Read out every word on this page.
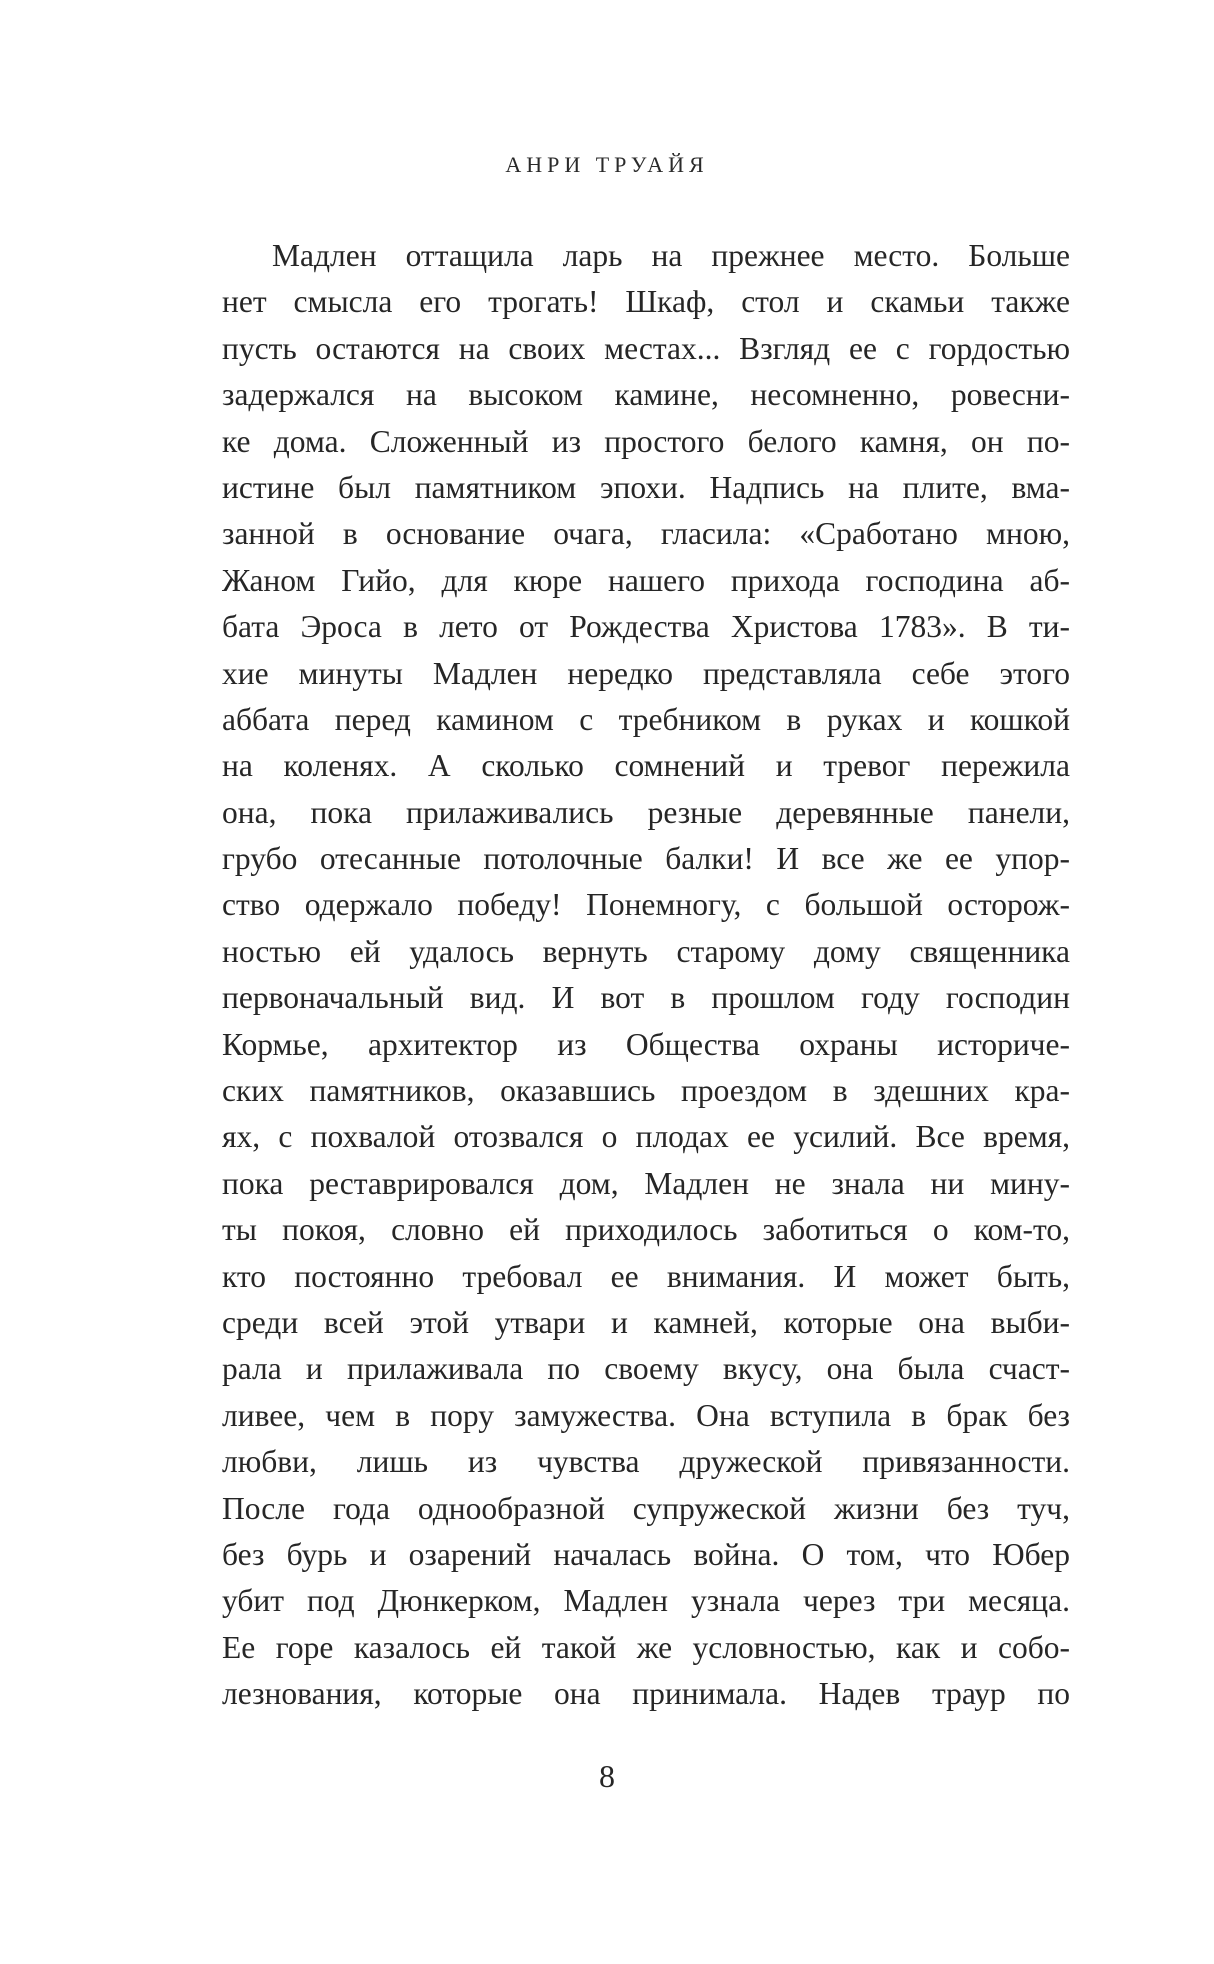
АНРИ ТРУАЙЯ
Мадлен оттащила ларь на прежнее место. Больше
нет смысла его трогать! Шкаф, стол и скамьи также
пусть остаются на своих местах... Взгляд ее с гордостью
задержался на высоком камине, несомненно, ровесни-
ке дома. Сложенный из простого белого камня, он по-
истине был памятником эпохи. Надпись на плите, вма-
занной в основание очага, гласила: «Сработано мною,
Жаном Гийо, для кюре нашего прихода господина аб-
бата Эроса в лето от Рождества Христова 1783». В ти-
хие минуты Мадлен нередко представляла себе этого
аббата перед камином с требником в руках и кошкой
на коленях. А сколько сомнений и тревог пережила
она, пока прилаживались резные деревянные панели,
грубо отесанные потолочные балки! И все же ее упор-
ство одержало победу! Понемногу, с большой осторож-
ностью ей удалось вернуть старому дому священника
первоначальный вид. И вот в прошлом году господин
Кормье, архитектор из Общества охраны историче-
ских памятников, оказавшись проездом в здешних кра-
ях, с похвалой отозвался о плодах ее усилий. Все время,
пока реставрировался дом, Мадлен не знала ни мину-
ты покоя, словно ей приходилось заботиться о ком-то,
кто постоянно требовал ее внимания. И может быть,
среди всей этой утвари и камней, которые она выби-
рала и прилаживала по своему вкусу, она была счаст-
ливее, чем в пору замужества. Она вступила в брак без
любви, лишь из чувства дружеской привязанности.
После года однообразной супружеской жизни без туч,
без бурь и озарений началась война. О том, что Юбер
убит под Дюнкерком, Мадлен узнала через три месяца.
Ее горе казалось ей такой же условностью, как и собо-
лезнования, которые она принимала. Надев траур по
8
